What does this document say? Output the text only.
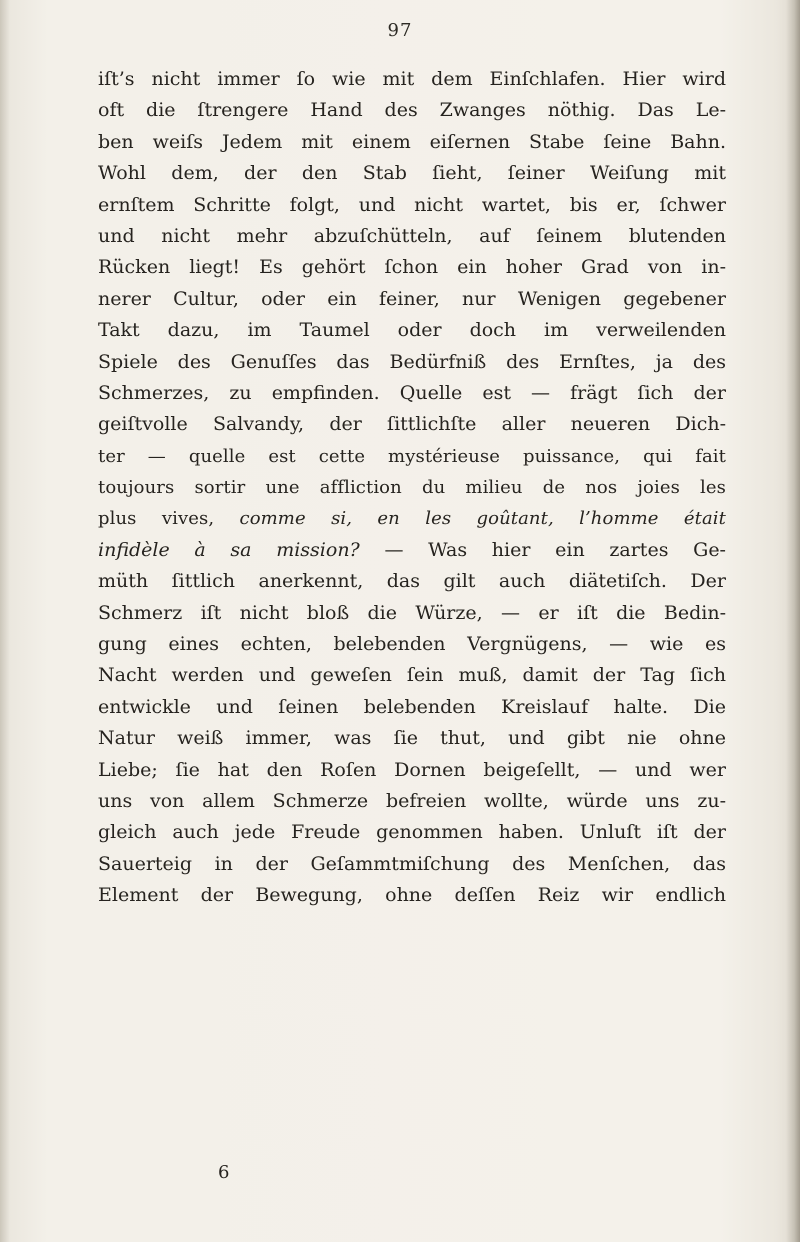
97
iſt’s nicht immer ſo wie mit dem Einſchlafen. Hier wird
oft die ſtrengere Hand des Zwanges nöthig. Das Le-
ben weiſs Jedem mit einem eiſernen Stabe ſeine Bahn.
Wohl dem, der den Stab ſieht, ſeiner Weiſung mit
ernſtem Schritte folgt, und nicht wartet, bis er, ſchwer
und nicht mehr abzuſchütteln, auf ſeinem blutenden
Rücken liegt! Es gehört ſchon ein hoher Grad von in-
nerer Cultur, oder ein feiner, nur Wenigen gegebener
Takt dazu, im Taumel oder doch im verweilenden
Spiele des Genuſſes das Bedürfniß des Ernſtes, ja des
Schmerzes, zu empfinden. Quelle est — frägt ſich der
geiſtvolle Salvandy, der ſittlichſte aller neueren Dich-
ter — quelle est cette mystérieuse puissance, qui fait
toujours sortir une affliction du milieu de nos joies les
plus vives, comme si, en les goûtant, l’homme était
infidèle à sa mission? — Was hier ein zartes Ge-
müth ſittlich anerkennt, das gilt auch diätetiſch. Der
Schmerz iſt nicht bloß die Würze, — er iſt die Bedin-
gung eines echten, belebenden Vergnügens, — wie es
Nacht werden und geweſen ſein muß, damit der Tag ſich
entwickle und ſeinen belebenden Kreislauf halte. Die
Natur weiß immer, was ſie thut, und gibt nie ohne
Liebe; ſie hat den Roſen Dornen beigeſellt, — und wer
uns von allem Schmerze befreien wollte, würde uns zu-
gleich auch jede Freude genommen haben. Unluſt iſt der
Sauerteig in der Geſammtmiſchung des Menſchen, das
Element der Bewegung, ohne deſſen Reiz wir endlich
6
